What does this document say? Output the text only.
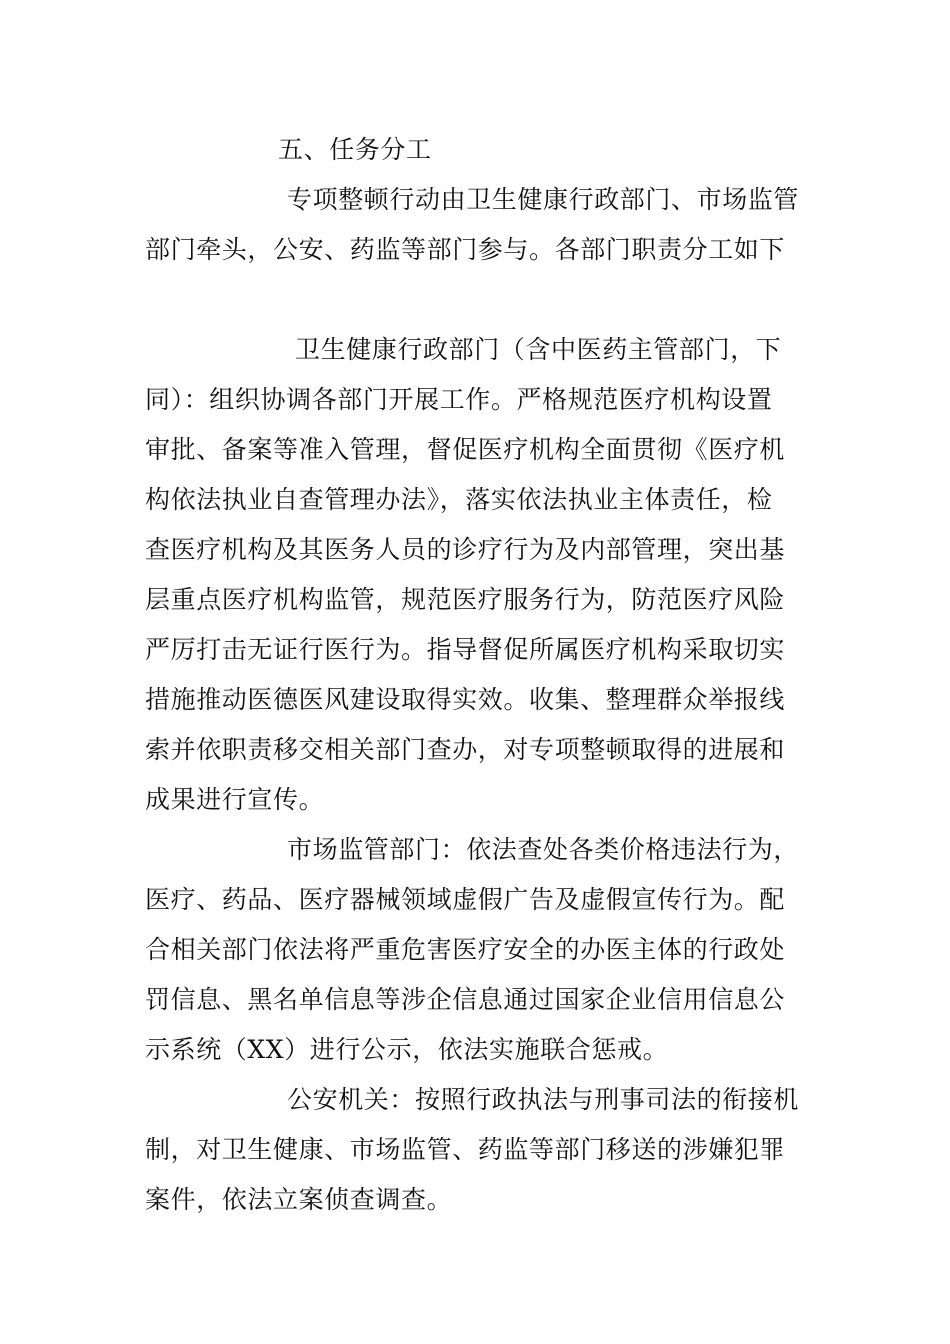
五、任务分工
专项整顿行动由卫生健康行政部门、市场监管
部门牵头，公安、药监等部门参与。各部门职责分工如下
卫生健康行政部门（含中医药主管部门，下
同）：组织协调各部门开展工作。严格规范医疗机构设置
审批、备案等准入管理，督促医疗机构全面贯彻《医疗机
构依法执业自查管理办法》，落实依法执业主体责任，检
查医疗机构及其医务人员的诊疗行为及内部管理，突出基
层重点医疗机构监管，规范医疗服务行为，防范医疗风险
严厉打击无证行医行为。指导督促所属医疗机构采取切实
措施推动医德医风建设取得实效。收集、整理群众举报线
索并依职责移交相关部门查办，对专项整顿取得的进展和
成果进行宣传。
市场监管部门：依法查处各类价格违法行为，
医疗、药品、医疗器械领域虚假广告及虚假宣传行为。配
合相关部门依法将严重危害医疗安全的办医主体的行政处
罚信息、黑名单信息等涉企信息通过国家企业信用信息公
示系统（XX）进行公示，依法实施联合惩戒。
公安机关：按照行政执法与刑事司法的衔接机
制，对卫生健康、市场监管、药监等部门移送的涉嫌犯罪
案件，依法立案侦查调查。
